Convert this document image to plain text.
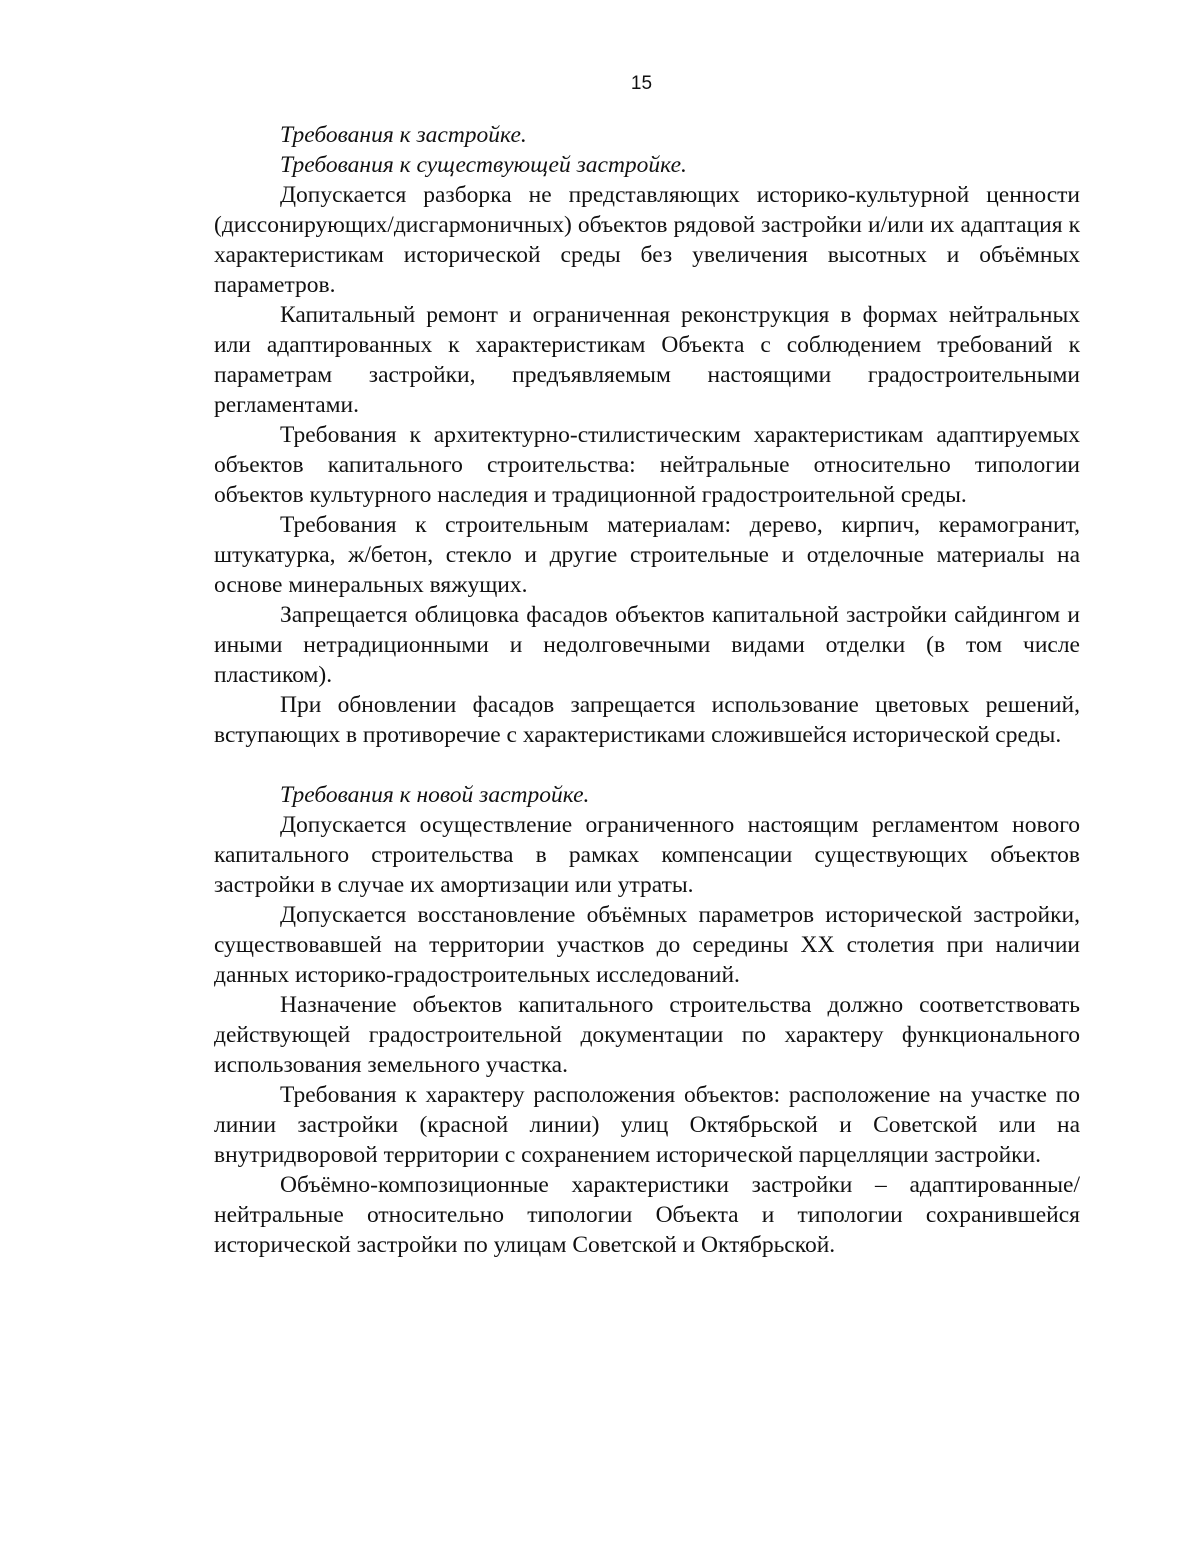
15

Требования к застройке.

Требования к существующей застройке.

Допускается разборка не представляющих историко-культурной ценности (диссонирующих/дисгармоничных) объектов рядовой застройки и/или их адаптация к характеристикам исторической среды без увеличения высотных и объёмных параметров.

Капитальный ремонт и ограниченная реконструкция в формах нейтральных или адаптированных к характеристикам Объекта с соблюдением требований к параметрам застройки, предъявляемым настоящими градостроительными регламентами.

Требования к архитектурно-стилистическим характеристикам адаптируемых объектов капитального строительства: нейтральные относительно типологии объектов культурного наследия и традиционной градостроительной среды.

Требования к строительным материалам: дерево, кирпич, керамогранит, штукатурка, ж/бетон, стекло и другие строительные и отделочные материалы на основе минеральных вяжущих.

Запрещается облицовка фасадов объектов капитальной застройки сайдингом и иными нетрадиционными и недолговечными видами отделки (в том числе пластиком).

При обновлении фасадов запрещается использование цветовых решений, вступающих в противоречие с характеристиками сложившейся исторической среды.

Требования к новой застройке.

Допускается осуществление ограниченного настоящим регламентом нового капитального строительства в рамках компенсации существующих объектов застройки в случае их амортизации или утраты.

Допускается восстановление объёмных параметров исторической застройки, существовавшей на территории участков до середины XX столетия при наличии данных историко-градостроительных исследований.

Назначение объектов капитального строительства должно соответствовать действующей градостроительной документации по характеру функционального использования земельного участка.

Требования к характеру расположения объектов: расположение на участке по линии застройки (красной линии) улиц Октябрьской и Советской или на внутридворовой территории с сохранением исторической парцелляции застройки.

Объёмно-композиционные характеристики застройки – адаптированные/нейтральные относительно типологии Объекта и типологии сохранившейся исторической застройки по улицам Советской и Октябрьской.
